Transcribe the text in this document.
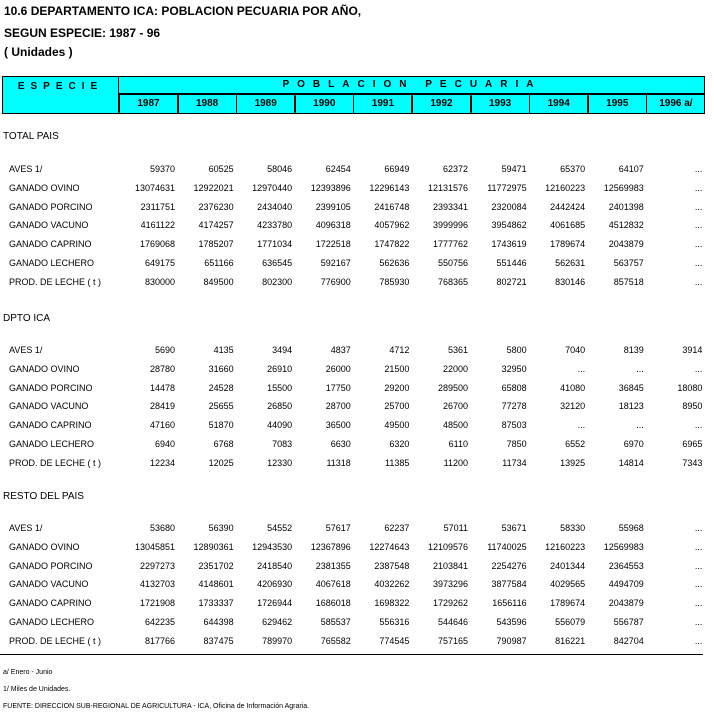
10.6 DEPARTAMENTO ICA: POBLACION PECUARIA POR AÑO,
SEGUN ESPECIE: 1987 - 96
( Unidades )
ESPECIE	POBLACION PECUARIA
1987	1988	1989	1990	1991	1992	1993	1994	1995	1996 a/
TOTAL PAIS
AVES 1/	59370	60525	58046	62454	66949	62372	59471	65370	64107	...
GANADO OVINO	13074631	12922021	12970440	12393896	12296143	12131576	11772975	12160223	12569983	...
GANADO PORCINO	2311751	2376230	2434040	2399105	2416748	2393341	2320084	2442424	2401398	...
GANADO VACUNO	4161122	4174257	4233780	4096318	4057962	3999996	3954862	4061685	4512832	...
GANADO CAPRINO	1769068	1785207	1771034	1722518	1747822	1777762	1743619	1789674	2043879	...
GANADO LECHERO	649175	651166	636545	592167	562636	550756	551446	562631	563757	...
PROD. DE LECHE ( t )	830000	849500	802300	776900	785930	768365	802721	830146	857518	...
DPTO ICA
AVES 1/	5690	4135	3494	4837	4712	5361	5800	7040	8139	3914
GANADO OVINO	28780	31660	26910	26000	21500	22000	32950	...	...	...
GANADO PORCINO	14478	24528	15500	17750	29200	289500	65808	41080	36845	18080
GANADO VACUNO	28419	25655	26850	28700	25700	26700	77278	32120	18123	8950
GANADO CAPRINO	47160	51870	44090	36500	49500	48500	87503	...	...	...
GANADO LECHERO	6940	6768	7083	6630	6320	6110	7850	6552	6970	6965
PROD. DE LECHE ( t )	12234	12025	12330	11318	11385	11200	11734	13925	14814	7343
RESTO DEL PAIS
AVES 1/	53680	56390	54552	57617	62237	57011	53671	58330	55968	...
GANADO OVINO	13045851	12890361	12943530	12367896	12274643	12109576	11740025	12160223	12569983	...
GANADO PORCINO	2297273	2351702	2418540	2381355	2387548	2103841	2254276	2401344	2364553	...
GANADO VACUNO	4132703	4148601	4206930	4067618	4032262	3973296	3877584	4029565	4494709	...
GANADO CAPRINO	1721908	1733337	1726944	1686018	1698322	1729262	1656116	1789674	2043879	...
GANADO LECHERO	642235	644398	629462	585537	556316	544646	543596	556079	556787	...
PROD. DE LECHE ( t )	817766	837475	789970	765582	774545	757165	790987	816221	842704	...
a/ Enero - Junio
1/ Miles de Unidades.
FUENTE: DIRECCION SUB-REGIONAL DE AGRICULTURA - ICA, Oficina de Información Agraria.
